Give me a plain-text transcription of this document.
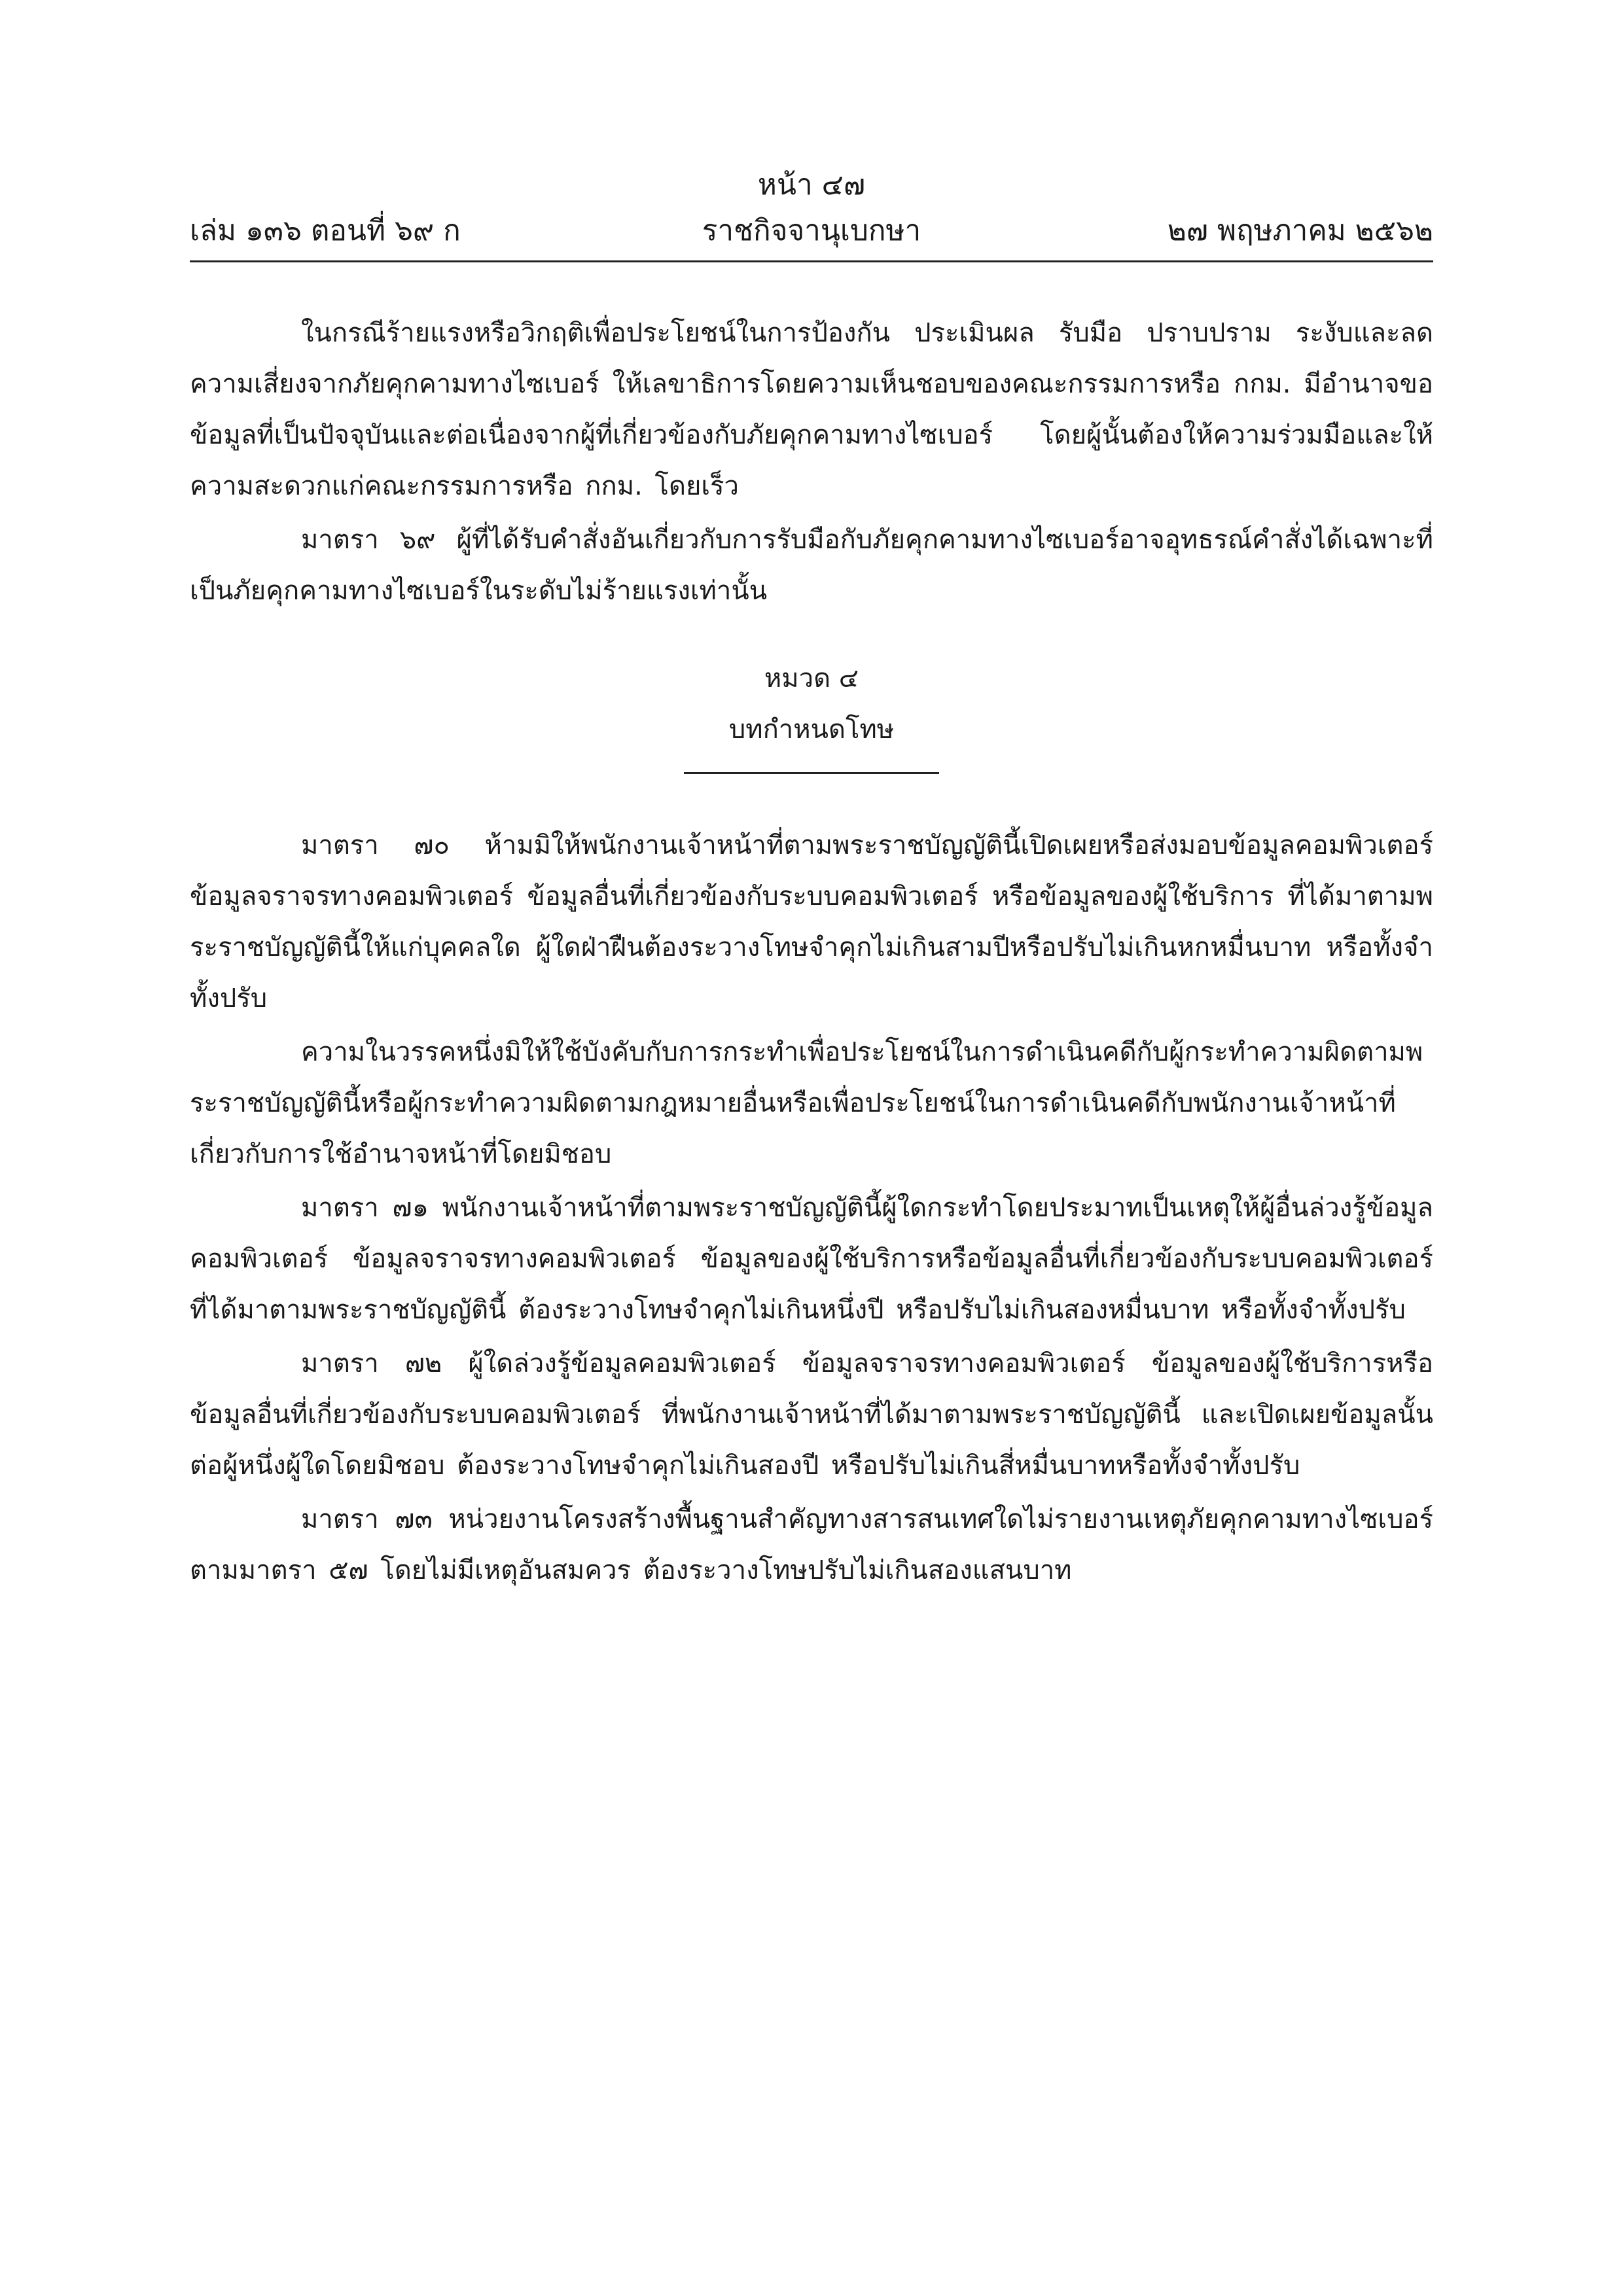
หน้า ๔๗
เล่ม ๑๓๖ ตอนที่ ๖๙ ก	ราชกิจจานุเบกษา	๒๗ พฤษภาคม ๒๕๖๒

ในกรณีร้ายแรงหรือวิกฤติเพื่อประโยชน์ในการป้องกัน ประเมินผล รับมือ ปราบปราม ระงับและลดความเสี่ยงจากภัยคุกคามทางไซเบอร์ ให้เลขาธิการโดยความเห็นชอบของคณะกรรมการหรือ กกม. มีอำนาจขอข้อมูลที่เป็นปัจจุบันและต่อเนื่องจากผู้ที่เกี่ยวข้องกับภัยคุกคามทางไซเบอร์ โดยผู้นั้นต้องให้ความร่วมมือและให้ความสะดวกแก่คณะกรรมการหรือ กกม. โดยเร็ว

มาตรา ๖๙ ผู้ที่ได้รับคำสั่งอันเกี่ยวกับการรับมือกับภัยคุกคามทางไซเบอร์อาจอุทธรณ์คำสั่งได้เฉพาะที่เป็นภัยคุกคามทางไซเบอร์ในระดับไม่ร้ายแรงเท่านั้น

หมวด ๔

บทกำหนดโทษ

มาตรา ๗๐ ห้ามมิให้พนักงานเจ้าหน้าที่ตามพระราชบัญญัตินี้เปิดเผยหรือส่งมอบข้อมูลคอมพิวเตอร์ ข้อมูลจราจรทางคอมพิวเตอร์ ข้อมูลอื่นที่เกี่ยวข้องกับระบบคอมพิวเตอร์ หรือข้อมูลของผู้ใช้บริการ ที่ได้มาตามพระราชบัญญัตินี้ให้แก่บุคคลใด ผู้ใดฝ่าฝืนต้องระวางโทษจำคุกไม่เกินสามปีหรือปรับไม่เกินหกหมื่นบาท หรือทั้งจำทั้งปรับ

ความในวรรคหนึ่งมิให้ใช้บังคับกับการกระทำเพื่อประโยชน์ในการดำเนินคดีกับผู้กระทำความผิดตามพระราชบัญญัตินี้หรือผู้กระทำความผิดตามกฎหมายอื่นหรือเพื่อประโยชน์ในการดำเนินคดีกับพนักงานเจ้าหน้าที่เกี่ยวกับการใช้อำนาจหน้าที่โดยมิชอบ

มาตรา ๗๑ พนักงานเจ้าหน้าที่ตามพระราชบัญญัตินี้ผู้ใดกระทำโดยประมาทเป็นเหตุให้ผู้อื่นล่วงรู้ข้อมูลคอมพิวเตอร์ ข้อมูลจราจรทางคอมพิวเตอร์ ข้อมูลของผู้ใช้บริการหรือข้อมูลอื่นที่เกี่ยวข้องกับระบบคอมพิวเตอร์ ที่ได้มาตามพระราชบัญญัตินี้ ต้องระวางโทษจำคุกไม่เกินหนึ่งปี หรือปรับไม่เกินสองหมื่นบาท หรือทั้งจำทั้งปรับ

มาตรา ๗๒ ผู้ใดล่วงรู้ข้อมูลคอมพิวเตอร์ ข้อมูลจราจรทางคอมพิวเตอร์ ข้อมูลของผู้ใช้บริการหรือข้อมูลอื่นที่เกี่ยวข้องกับระบบคอมพิวเตอร์ ที่พนักงานเจ้าหน้าที่ได้มาตามพระราชบัญญัตินี้ และเปิดเผยข้อมูลนั้นต่อผู้หนึ่งผู้ใดโดยมิชอบ ต้องระวางโทษจำคุกไม่เกินสองปี หรือปรับไม่เกินสี่หมื่นบาทหรือทั้งจำทั้งปรับ

มาตรา ๗๓ หน่วยงานโครงสร้างพื้นฐานสำคัญทางสารสนเทศใดไม่รายงานเหตุภัยคุกคามทางไซเบอร์ตามมาตรา ๕๗ โดยไม่มีเหตุอันสมควร ต้องระวางโทษปรับไม่เกินสองแสนบาท
